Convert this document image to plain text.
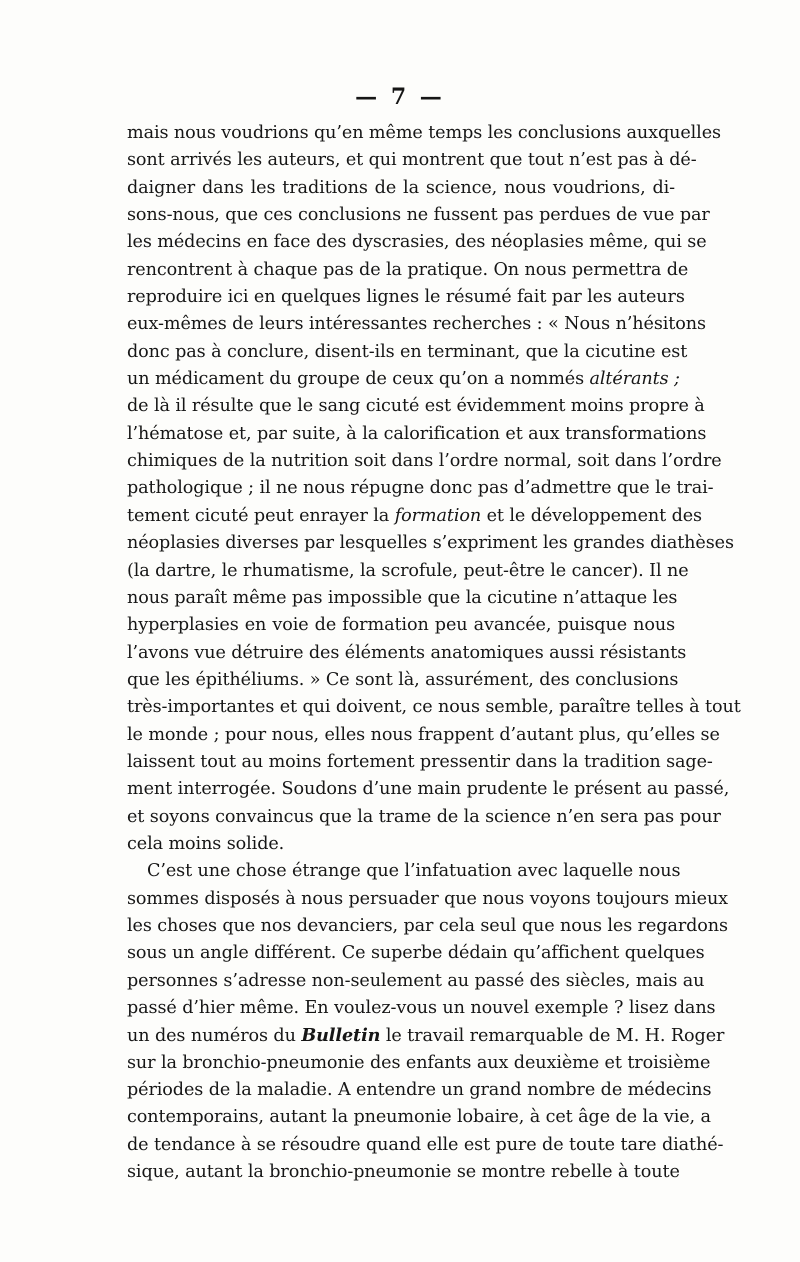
— 7 —
mais nous voudrions qu’en même temps les conclusions auxquelles
sont arrivés les auteurs, et qui montrent que tout n’est pas à dé-
daigner dans les traditions de la science, nous voudrions, di-
sons-nous, que ces conclusions ne fussent pas perdues de vue par
les médecins en face des dyscrasies, des néoplasies même, qui se
rencontrent à chaque pas de la pratique. On nous permettra de
reproduire ici en quelques lignes le résumé fait par les auteurs
eux-mêmes de leurs intéressantes recherches : « Nous n’hésitons
donc pas à conclure, disent-ils en terminant, que la cicutine est
un médicament du groupe de ceux qu’on a nommés altérants ;
de là il résulte que le sang cicuté est évidemment moins propre à
l’hématose et, par suite, à la calorification et aux transformations
chimiques de la nutrition soit dans l’ordre normal, soit dans l’ordre
pathologique ; il ne nous répugne donc pas d’admettre que le trai-
tement cicuté peut enrayer la formation et le développement des
néoplasies diverses par lesquelles s’expriment les grandes diathèses
(la dartre, le rhumatisme, la scrofule, peut-être le cancer). Il ne
nous paraît même pas impossible que la cicutine n’attaque les
hyperplasies en voie de formation peu avancée, puisque nous
l’avons vue détruire des éléments anatomiques aussi résistants
que les épithéliums. » Ce sont là, assurément, des conclusions
très-importantes et qui doivent, ce nous semble, paraître telles à tout
le monde ; pour nous, elles nous frappent d’autant plus, qu’elles se
laissent tout au moins fortement pressentir dans la tradition sage-
ment interrogée. Soudons d’une main prudente le présent au passé,
et soyons convaincus que la trame de la science n’en sera pas pour
cela moins solide.
C’est une chose étrange que l’infatuation avec laquelle nous
sommes disposés à nous persuader que nous voyons toujours mieux
les choses que nos devanciers, par cela seul que nous les regardons
sous un angle différent. Ce superbe dédain qu’affichent quelques
personnes s’adresse non-seulement au passé des siècles, mais au
passé d’hier même. En voulez-vous un nouvel exemple ? lisez dans
un des numéros du Bulletin le travail remarquable de M. H. Roger
sur la bronchio-pneumonie des enfants aux deuxième et troisième
périodes de la maladie. A entendre un grand nombre de médecins
contemporains, autant la pneumonie lobaire, à cet âge de la vie, a
de tendance à se résoudre quand elle est pure de toute tare diathé-
sique, autant la bronchio-pneumonie se montre rebelle à toute
